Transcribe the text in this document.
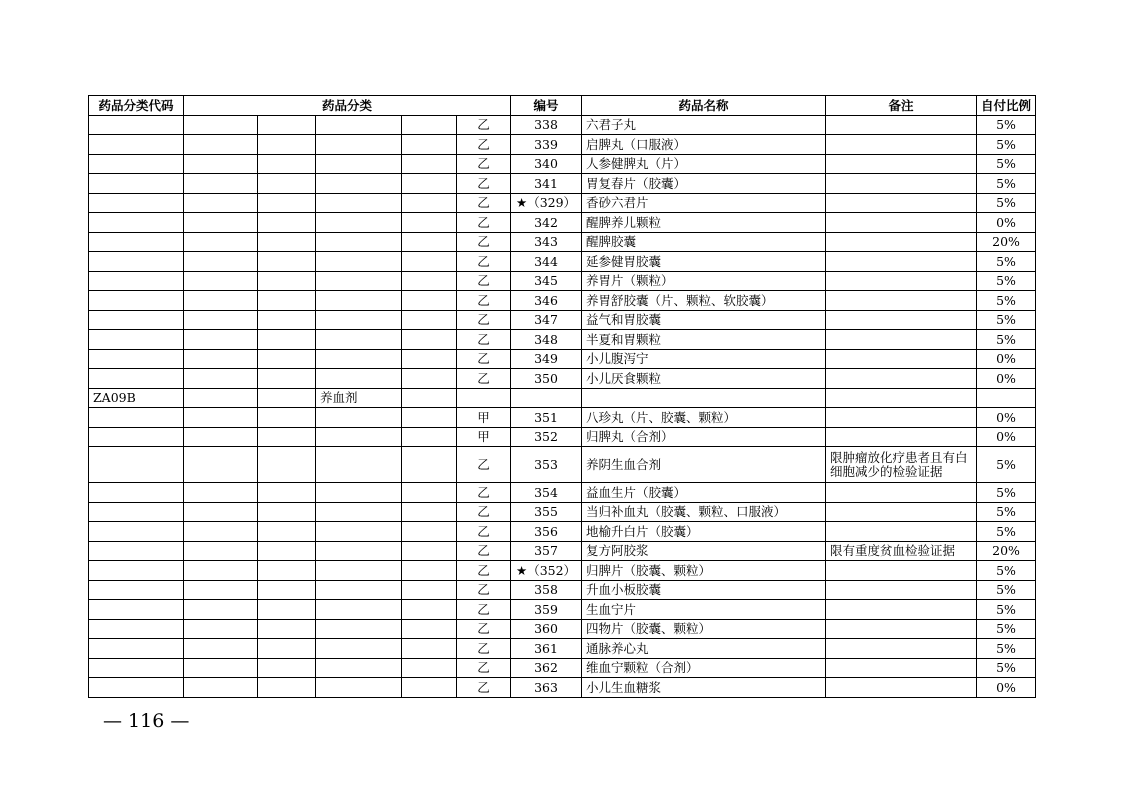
药品分类代码	药品分类					编号	药品名称	备注	自付比例
					乙	338	六君子丸		5%
					乙	339	启脾丸（口服液）		5%
					乙	340	人参健脾丸（片）		5%
					乙	341	胃复春片（胶囊）		5%
					乙	★（329）	香砂六君片		5%
					乙	342	醒脾养儿颗粒		0%
					乙	343	醒脾胶囊		20%
					乙	344	延参健胃胶囊		5%
					乙	345	养胃片（颗粒）		5%
					乙	346	养胃舒胶囊（片、颗粒、软胶囊）		5%
					乙	347	益气和胃胶囊		5%
					乙	348	半夏和胃颗粒		5%
					乙	349	小儿腹泻宁		0%
					乙	350	小儿厌食颗粒		0%
ZA09B			养血剂						
					甲	351	八珍丸（片、胶囊、颗粒）		0%
					甲	352	归脾丸（合剂）		0%
					乙	353	养阴生血合剂	限肿瘤放化疗患者且有白细胞减少的检验证据	5%
					乙	354	益血生片（胶囊）		5%
					乙	355	当归补血丸（胶囊、颗粒、口服液）		5%
					乙	356	地榆升白片（胶囊）		5%
					乙	357	复方阿胶浆	限有重度贫血检验证据	20%
					乙	★（352）	归脾片（胶囊、颗粒）		5%
					乙	358	升血小板胶囊		5%
					乙	359	生血宁片		5%
					乙	360	四物片（胶囊、颗粒）		5%
					乙	361	通脉养心丸		5%
					乙	362	维血宁颗粒（合剂）		5%
					乙	363	小儿生血糖浆		0%
— 116 —
